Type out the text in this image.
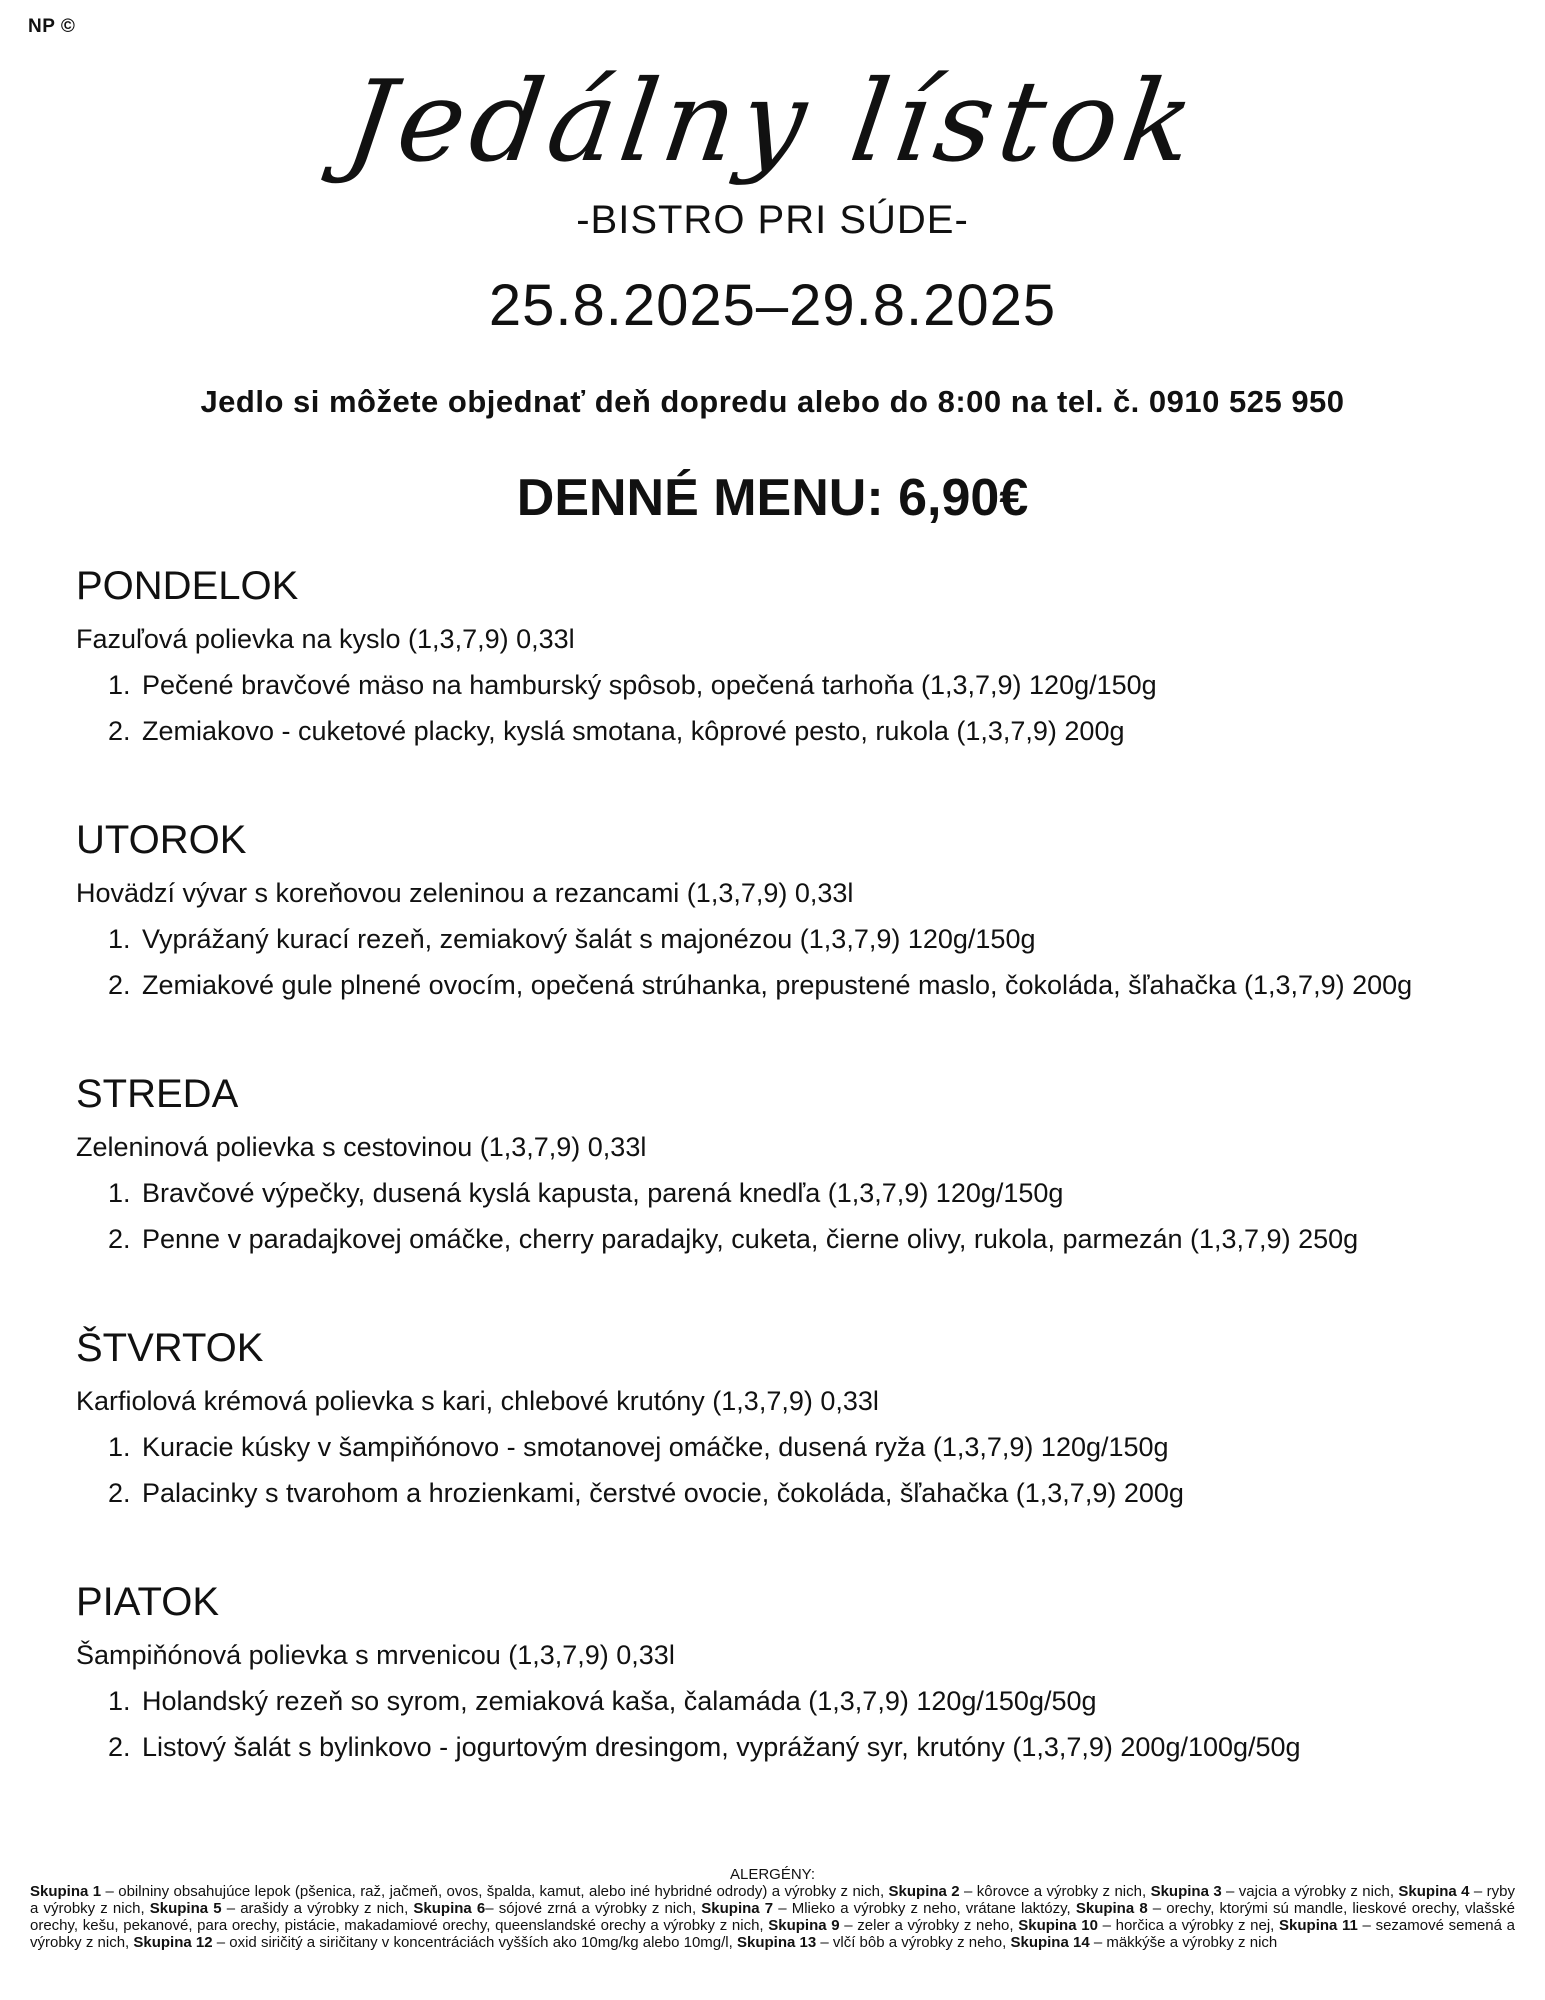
NP ©
Jedálny lístok
-BISTRO PRI SÚDE-
25.8.2025–29.8.2025
Jedlo si môžete objednať deň dopredu alebo do 8:00 na tel. č. 0910 525 950
DENNÉ MENU: 6,90€
PONDELOK
Fazuľová polievka na kyslo (1,3,7,9) 0,33l
1. Pečené bravčové mäso na hamburský spôsob, opečená tarhoňa (1,3,7,9) 120g/150g
2. Zemiakovo - cuketové placky, kyslá smotana, kôprové pesto, rukola (1,3,7,9) 200g
UTOROK
Hovädzí vývar s koreňovou zeleninou a rezancami (1,3,7,9) 0,33l
1. Vyprážaný kurací rezeň, zemiakový šalát s majonézou (1,3,7,9) 120g/150g
2. Zemiakové gule plnené ovocím, opečená strúhanka, prepustené maslo, čokoláda, šľahačka (1,3,7,9) 200g
STREDA
Zeleninová polievka s cestovinou (1,3,7,9) 0,33l
1. Bravčové výpečky, dusená kyslá kapusta, parená knedľa (1,3,7,9) 120g/150g
2. Penne v paradajkovej omáčke, cherry paradajky, cuketa, čierne olivy, rukola, parmezán (1,3,7,9) 250g
ŠTVRTOK
Karfiolová krémová polievka s kari, chlebové krutóny (1,3,7,9) 0,33l
1. Kuracie kúsky v šampiňónovo - smotanovej omáčke, dusená ryža (1,3,7,9) 120g/150g
2. Palacinky s tvarohom a hrozienkami, čerstvé ovocie, čokoláda, šľahačka (1,3,7,9) 200g
PIATOK
Šampiňónová polievka s mrvenicou (1,3,7,9) 0,33l
1. Holandský rezeň so syrom, zemiaková kaša, čalamáda (1,3,7,9) 120g/150g/50g
2. Listový šalát s bylinkovo - jogurtovým dresingom, vyprážaný syr, krutóny (1,3,7,9) 200g/100g/50g
ALERGÉNY:
Skupina 1 – obilniny obsahujúce lepok (pšenica, raž, jačmeň, ovos, špalda, kamut, alebo iné hybridné odrody) a výrobky z nich, Skupina 2 – kôrovce a výrobky z nich, Skupina 3 – vajcia a výrobky z nich, Skupina 4 – ryby a výrobky z nich, Skupina 5 – arašidy a výrobky z nich, Skupina 6– sójové zrná a výrobky z nich, Skupina 7 – Mlieko a výrobky z neho, vrátane laktózy, Skupina 8 – orechy, ktorými sú mandle, lieskové orechy, vlašské orechy, kešu, pekanové, para orechy, pistácie, makadamiové orechy, queenslandské orechy a výrobky z nich, Skupina 9 – zeler a výrobky z neho, Skupina 10 – horčica a výrobky z nej, Skupina 11 – sezamové semená a výrobky z nich, Skupina 12 – oxid siričitý a siričitany v koncentráciách vyšších ako 10mg/kg alebo 10mg/l, Skupina 13 – vlčí bôb a výrobky z neho, Skupina 14 – mäkkýše a výrobky z nich
